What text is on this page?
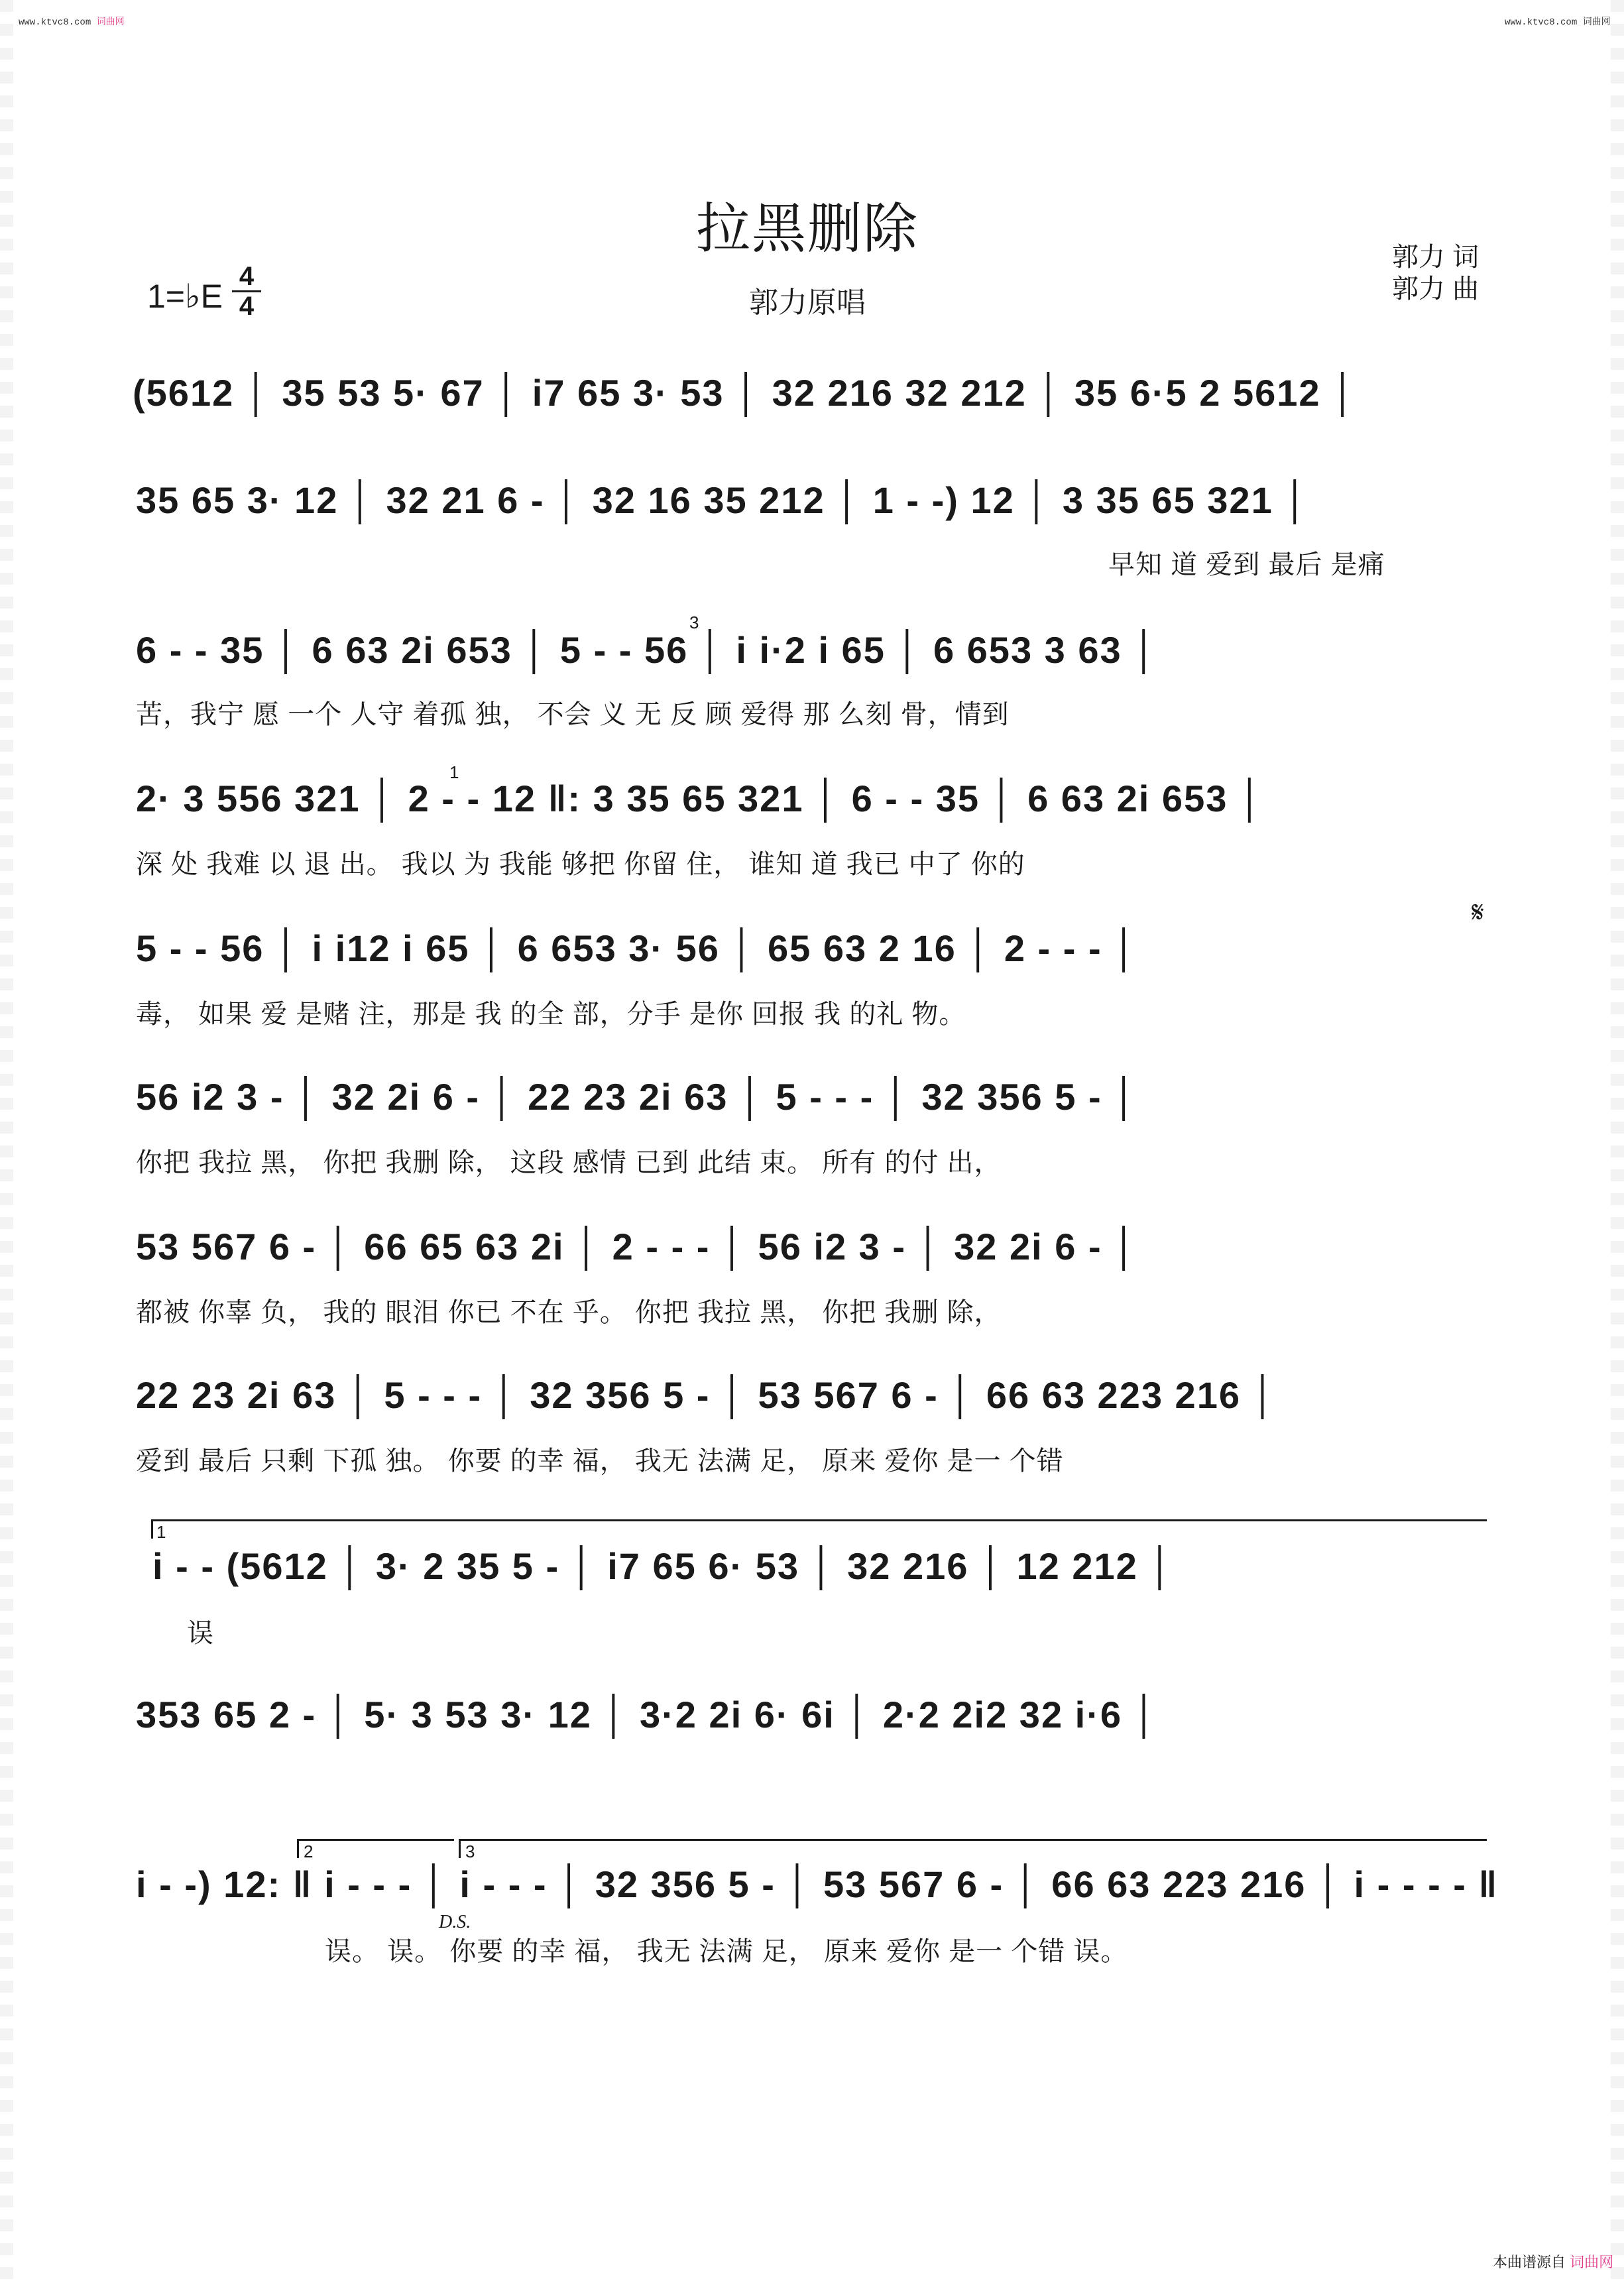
www.ktvc8.com 词曲网	www.ktvc8.com 词曲网
拉黑删除
郭力原唱
郭力 词
郭力 曲
1=♭E
4
4
(5612 │ 35 53 5· 67 │ i7 65 3· 53 │ 32 216 32 212 │ 35 6·5 2 5612 │
35 65 3· 12 │ 32 21 6 - │ 32 16 35 212 │ 1 - -) 12 │ 3 35 65 321 │
早知 道 爱到 最后 是痛
6 - - 35 │ 6 63 2i 653 │ 5 - - 56 │ i i·2 i 65 │ 6 653 3 63 │
苦，我宁 愿 一个 人守 着孤 独， 不会 义 无 反 顾 爱得 那 么刻 骨，情到
3
2· 3 556 321 │ 2 - - 12 ‖: 3 35 65 321 │ 6 - - 35 │ 6 63 2i 653 │
深 处 我难 以 退 出。 我以 为 我能 够把 你留 住， 谁知 道 我已 中了 你的
1
5 - - 56 │ i i12 i 65 │ 6 653 3· 56 │ 65 63 2 16 │ 2 - - - │
毒， 如果 爱 是赌 注，那是 我 的全 部，分手 是你 回报 我 的礼 物。
𝄋
56 i2 3 - │ 32 2i 6 - │ 22 23 2i 63 │ 5 - - - │ 32 356 5 - │
你把 我拉 黑， 你把 我删 除， 这段 感情 已到 此结 束。 所有 的付 出，
53 567 6 - │ 66 65 63 2i │ 2 - - - │ 56 i2 3 - │ 32 2i 6 - │
都被 你辜 负， 我的 眼泪 你已 不在 乎。 你把 我拉 黑， 你把 我删 除，
22 23 2i 63 │ 5 - - - │ 32 356 5 - │ 53 567 6 - │ 66 63 223 216 │
爱到 最后 只剩 下孤 独。 你要 的幸 福， 我无 法满 足， 原来 爱你 是一 个错
1
i - - (5612 │ 3· 2 35 5 - │ i7 65 6· 53 │ 32 216 │ 12 212 │
误
353 65 2 - │ 5· 3 53 3· 12 │ 3·2 2i 6· 6i │ 2·2 2i2 32 i·6 │
2	3
i - -) 12: ‖ i - - - │ i - - - │ 32 356 5 - │ 53 567 6 - │ 66 63 223 216 │ i - - - - ‖
D.S.
误。 误。 你要 的幸 福， 我无 法满 足， 原来 爱你 是一 个错 误。
本曲谱源自 词曲网
